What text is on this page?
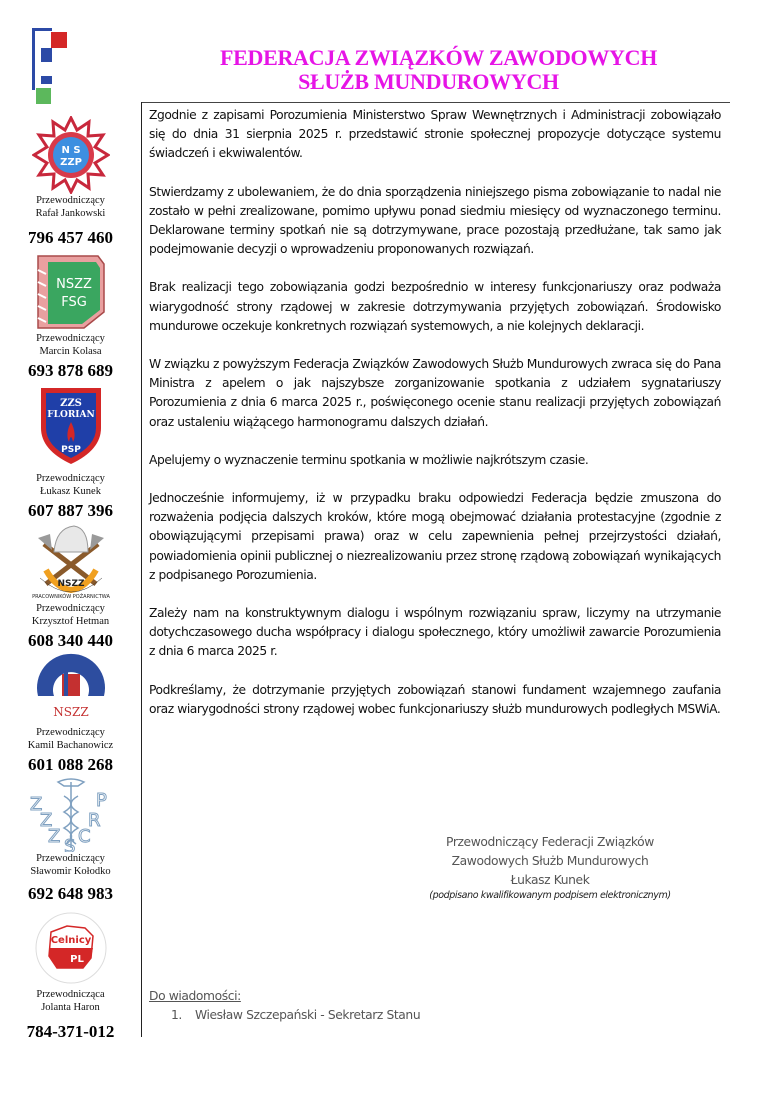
FEDERACJA ZWIĄZKÓW ZAWODOWYCH
SŁUŻB MUNDUROWYCH
N S
ZZP
Przewodniczący
Rafał Jankowski
796 457 460
NSZZ
FSG
Przewodniczący
Marcin Kolasa
693 878 689
ZZS
FLORIAN
PSP
Przewodniczący
Łukasz Kunek
607 887 396
NSZZ
PRACOWNIKÓW POŻARNICTWA
Przewodniczący
Krzysztof Hetman
608 340 440
NSZZ
Przewodniczący
Kamil Bachanowicz
601 088 268
Z
Z
Z
P
R
C
S
Przewodniczący
Sławomir Kołodko
692 648 983
Celnicy
PL
Przewodnicząca
Jolanta Haron
784-371-012

Zgodnie z zapisami Porozumienia Ministerstwo Spraw Wewnętrznych i Administracji zobowiązało się do dnia 31 sierpnia 2025 r. przedstawić stronie społecznej propozycje dotyczące systemu świadczeń i ekwiwalentów.

Stwierdzamy z ubolewaniem, że do dnia sporządzenia niniejszego pisma zobowiązanie to nadal nie zostało w pełni zrealizowane, pomimo upływu ponad siedmiu miesięcy od wyznaczonego terminu. Deklarowane terminy spotkań nie są dotrzymywane, prace pozostają przedłużane, tak samo jak podejmowanie decyzji o wprowadzeniu proponowanych rozwiązań.

Brak realizacji tego zobowiązania godzi bezpośrednio w interesy funkcjonariuszy oraz podważa wiarygodność strony rządowej w zakresie dotrzymywania przyjętych zobowiązań. Środowisko mundurowe oczekuje konkretnych rozwiązań systemowych, a nie kolejnych deklaracji.

W związku z powyższym Federacja Związków Zawodowych Służb Mundurowych zwraca się do Pana Ministra z apelem o jak najszybsze zorganizowanie spotkania z udziałem sygnatariuszy Porozumienia z dnia 6 marca 2025 r., poświęconego ocenie stanu realizacji przyjętych zobowiązań oraz ustaleniu wiążącego harmonogramu dalszych działań.

Apelujemy o wyznaczenie terminu spotkania w możliwie najkrótszym czasie.

Jednocześnie informujemy, iż w przypadku braku odpowiedzi Federacja będzie zmuszona do rozważenia podjęcia dalszych kroków, które mogą obejmować działania protestacyjne (zgodnie z obowiązującymi przepisami prawa) oraz w celu zapewnienia pełnej przejrzystości działań, powiadomienia opinii publicznej o niezrealizowaniu przez stronę rządową zobowiązań wynikających z podpisanego Porozumienia.

Zależy nam na konstruktywnym dialogu i wspólnym rozwiązaniu spraw, liczymy na utrzymanie dotychczasowego ducha współpracy i dialogu społecznego, który umożliwił zawarcie Porozumienia z dnia 6 marca 2025 r.

Podkreślamy, że dotrzymanie przyjętych zobowiązań stanowi fundament wzajemnego zaufania oraz wiarygodności strony rządowej wobec funkcjonariuszy służb mundurowych podległych MSWiA.

Przewodniczący Federacji Związków
Zawodowych Służb Mundurowych
Łukasz Kunek
(podpisano kwalifikowanym podpisem elektronicznym)
Do wiadomości:
1. Wiesław Szczepański - Sekretarz Stanu
